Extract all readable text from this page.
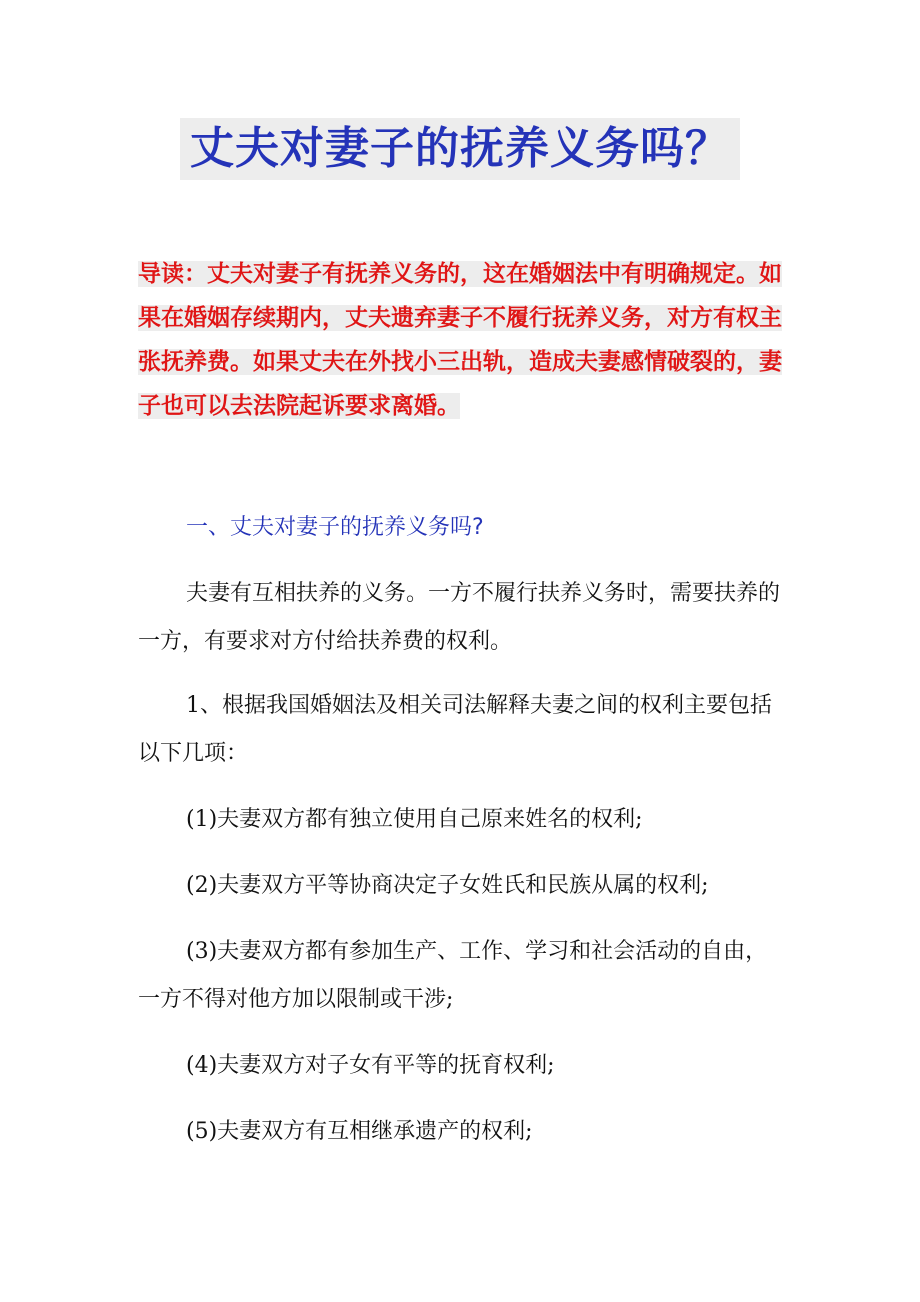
丈夫对妻子的抚养义务吗？
导读：丈夫对妻子有抚养义务的，这在婚姻法中有明确规定。如果在婚姻存续期内，丈夫遗弃妻子不履行抚养义务，对方有权主张抚养费。如果丈夫在外找小三出轨，造成夫妻感情破裂的，妻子也可以去法院起诉要求离婚。
一、丈夫对妻子的抚养义务吗?
夫妻有互相扶养的义务。一方不履行扶养义务时，需要扶养的一方，有要求对方付给扶养费的权利。
1、根据我国婚姻法及相关司法解释夫妻之间的权利主要包括以下几项：
(1)夫妻双方都有独立使用自己原来姓名的权利;
(2)夫妻双方平等协商决定子女姓氏和民族从属的权利;
(3)夫妻双方都有参加生产、工作、学习和社会活动的自由，一方不得对他方加以限制或干涉;
(4)夫妻双方对子女有平等的抚育权利;
(5)夫妻双方有互相继承遗产的权利;
